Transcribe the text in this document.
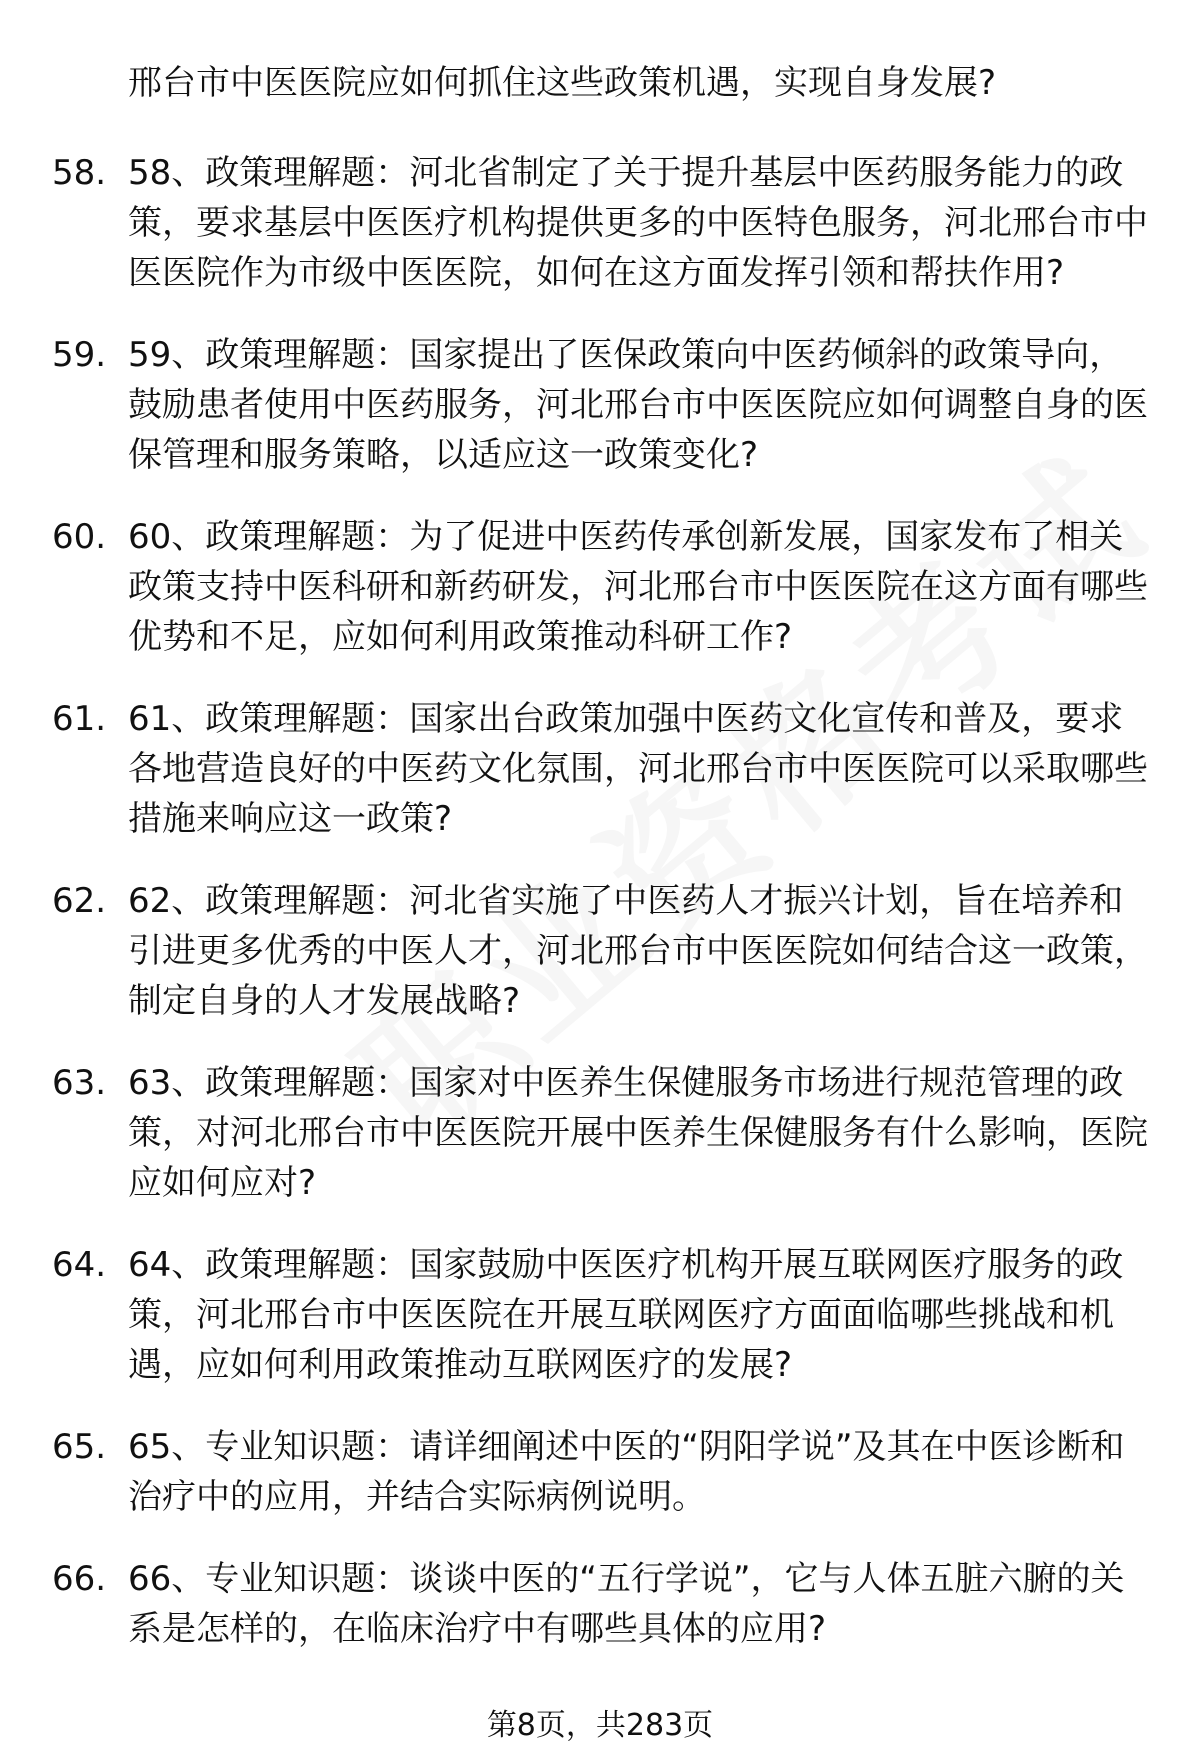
邢台市中医医院应如何抓住这些政策机遇，实现自身发展?

58. 58、政策理解题：河北省制定了关于提升基层中医药服务能力的政策，要求基层中医医疗机构提供更多的中医特色服务，河北邢台市中医医院作为市级中医医院，如何在这方面发挥引领和帮扶作用?
59. 59、政策理解题：国家提出了医保政策向中医药倾斜的政策导向，鼓励患者使用中医药服务，河北邢台市中医医院应如何调整自身的医保管理和服务策略，以适应这一政策变化?
60. 60、政策理解题：为了促进中医药传承创新发展，国家发布了相关政策支持中医科研和新药研发，河北邢台市中医医院在这方面有哪些优势和不足，应如何利用政策推动科研工作?
61. 61、政策理解题：国家出台政策加强中医药文化宣传和普及，要求各地营造良好的中医药文化氛围，河北邢台市中医医院可以采取哪些措施来响应这一政策?
62. 62、政策理解题：河北省实施了中医药人才振兴计划，旨在培养和引进更多优秀的中医人才，河北邢台市中医医院如何结合这一政策，制定自身的人才发展战略?
63. 63、政策理解题：国家对中医养生保健服务市场进行规范管理的政策，对河北邢台市中医医院开展中医养生保健服务有什么影响，医院应如何应对?
64. 64、政策理解题：国家鼓励中医医疗机构开展互联网医疗服务的政策，河北邢台市中医医院在开展互联网医疗方面面临哪些挑战和机遇，应如何利用政策推动互联网医疗的发展?
65. 65、专业知识题：请详细阐述中医的“阴阳学说”及其在中医诊断和治疗中的应用，并结合实际病例说明。
66. 66、专业知识题：谈谈中医的“五行学说”，它与人体五脏六腑的关系是怎样的，在临床治疗中有哪些具体的应用?

第8页，共283页
